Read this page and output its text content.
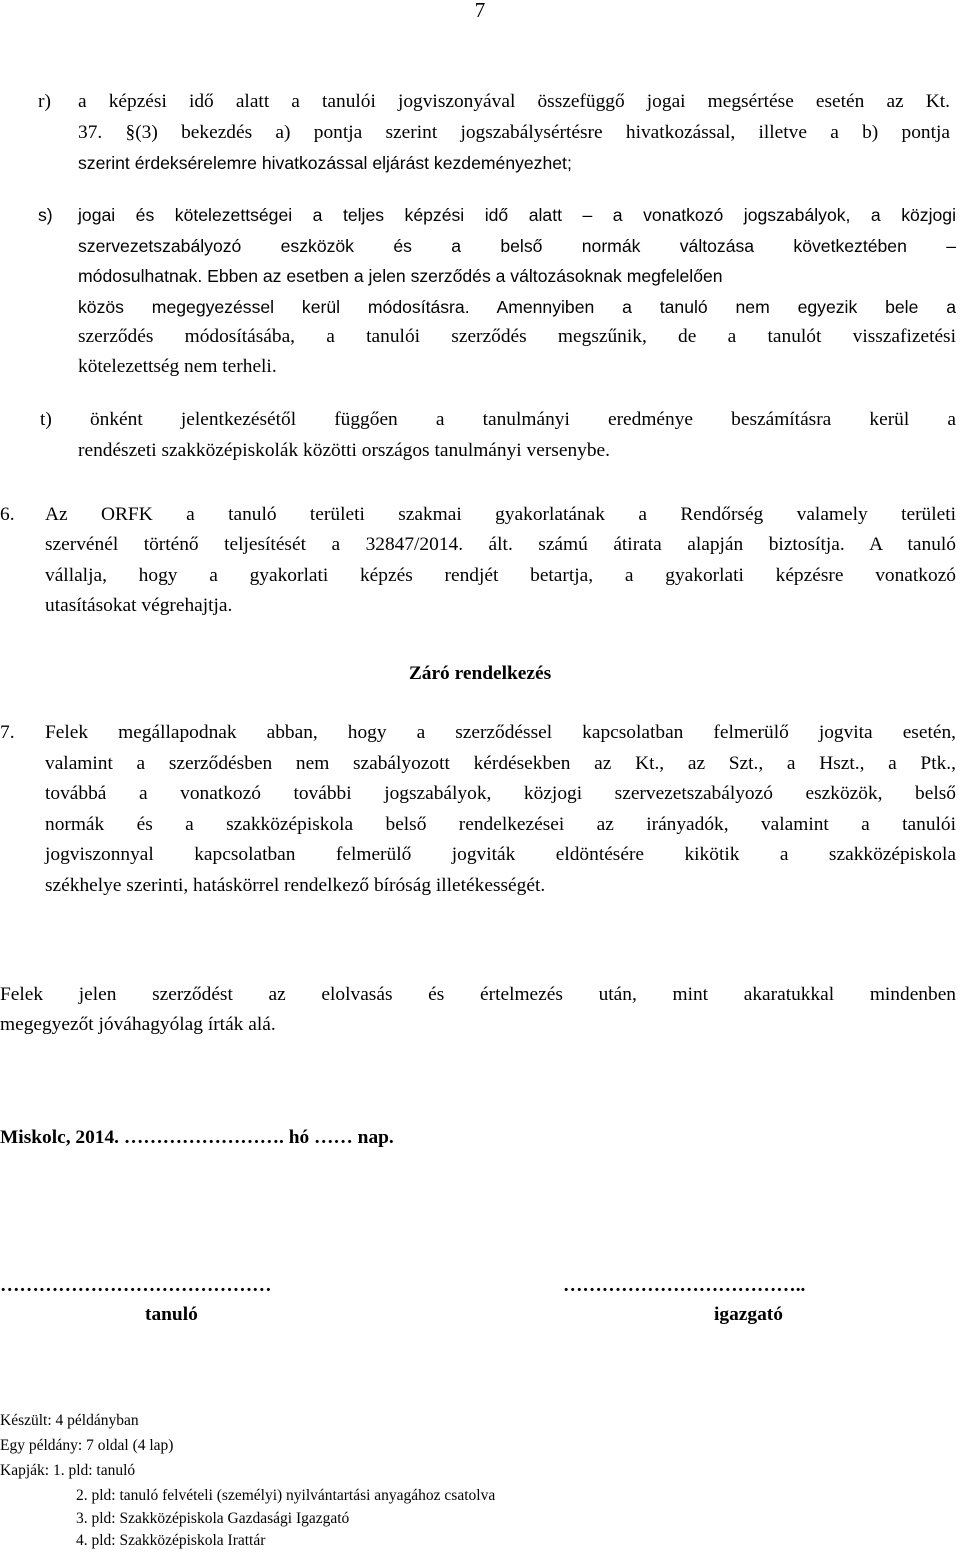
7
r) a képzési idő alatt a tanulói jogviszonyával összefüggő jogai megsértése esetén az Kt.
37. §(3) bekezdés a) pontja szerint jogszabálysértésre hivatkozással, illetve a b) pontja
szerint érdeksérelemre hivatkozással eljárást kezdeményezhet;
s) jogai és kötelezettségei a teljes képzési idő alatt – a vonatkozó jogszabályok, a közjogi
szervezetszabályozó eszközök és a belső normák változása következtében –
módosulhatnak. Ebben az esetben a jelen szerződés a változásoknak megfelelően
közös megegyezéssel kerül módosításra. Amennyiben a tanuló nem egyezik bele a
szerződés módosításába, a tanulói szerződés megszűnik, de a tanulót visszafizetési
kötelezettség nem terheli.
t) önként jelentkezésétől függően a tanulmányi eredménye beszámításra kerül a
rendészeti szakközépiskolák közötti országos tanulmányi versenybe.
6. Az ORFK a tanuló területi szakmai gyakorlatának a Rendőrség valamely területi
szervénél történő teljesítését a 32847/2014. ált. számú átirata alapján biztosítja. A tanuló
vállalja, hogy a gyakorlati képzés rendjét betartja, a gyakorlati képzésre vonatkozó
utasításokat végrehajtja.
Záró rendelkezés
7. Felek megállapodnak abban, hogy a szerződéssel kapcsolatban felmerülő jogvita esetén,
valamint a szerződésben nem szabályozott kérdésekben az Kt., az Szt., a Hszt., a Ptk.,
továbbá a vonatkozó további jogszabályok, közjogi szervezetszabályozó eszközök, belső
normák és a szakközépiskola belső rendelkezései az irányadók, valamint a tanulói
jogviszonnyal kapcsolatban felmerülő jogviták eldöntésére kikötik a szakközépiskola
székhelye szerinti, hatáskörrel rendelkező bíróság illetékességét.
Felek jelen szerződést az elolvasás és értelmezés után, mint akaratukkal mindenben
megegyezőt jóváhagyólag írták alá.
Miskolc, 2014. ……………………. hó …… nap.
……………………………………	………………………………..
tanuló	igazgató
Készült: 4 példányban
Egy példány: 7 oldal (4 lap)
Kapják: 1. pld: tanuló
2. pld: tanuló felvételi (személyi) nyilvántartási anyagához csatolva
3. pld: Szakközépiskola Gazdasági Igazgató
4. pld: Szakközépiskola Irattár
